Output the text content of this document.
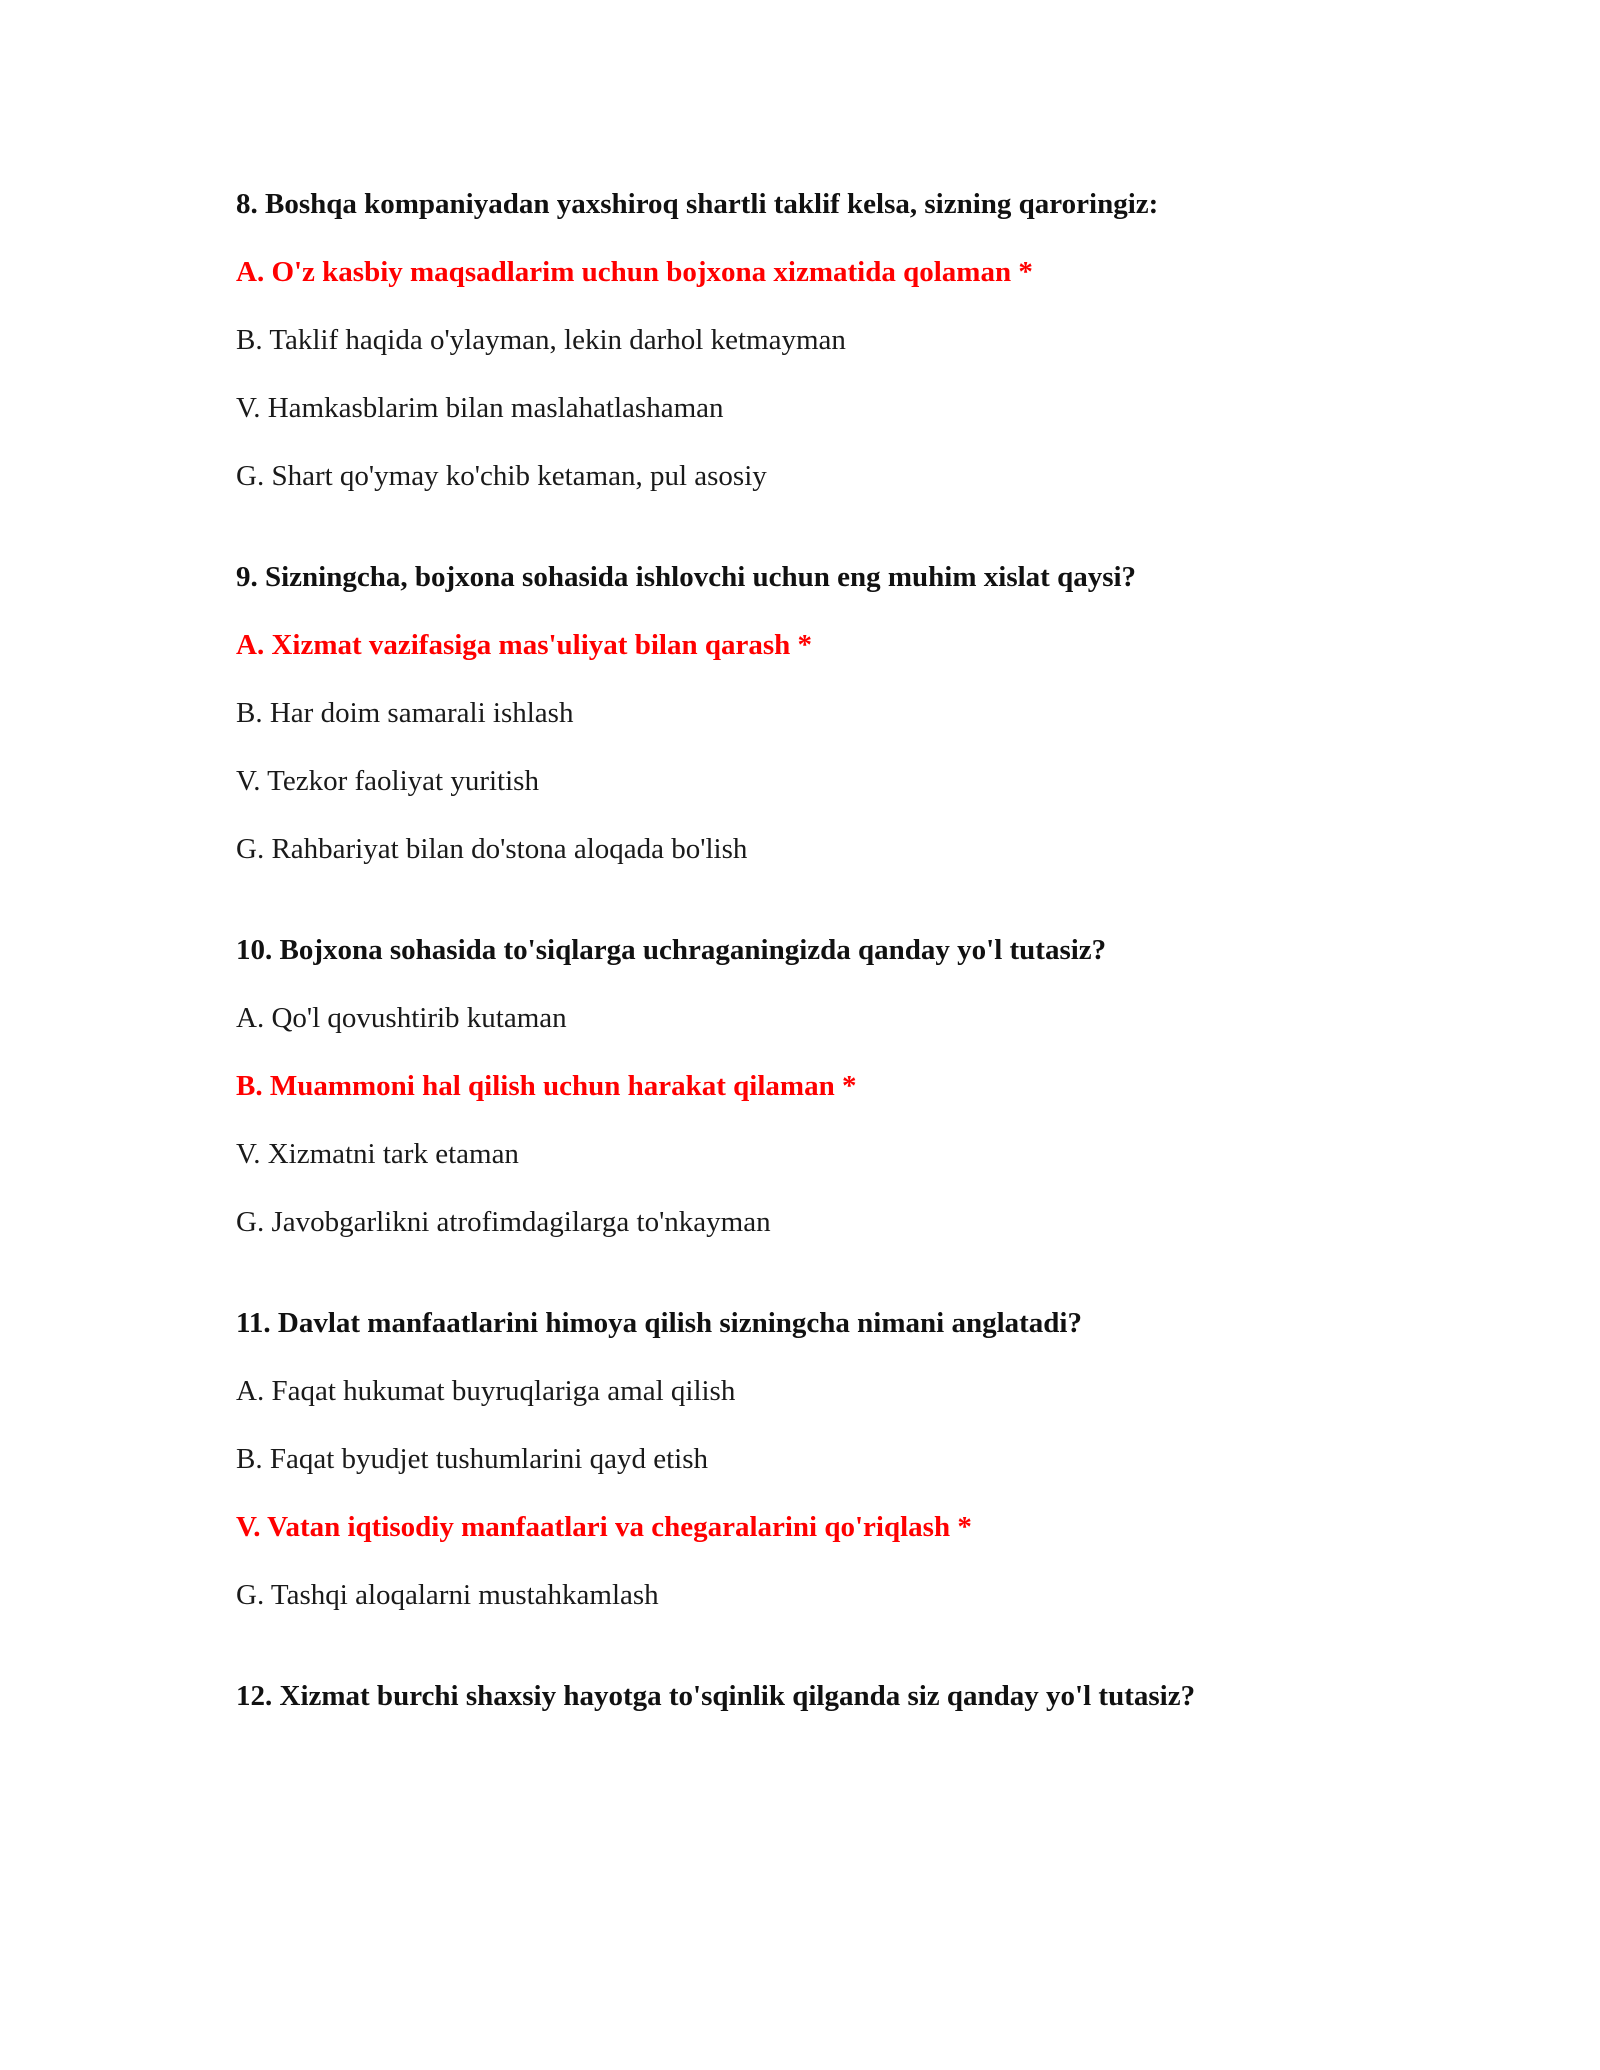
8. Boshqa kompaniyadan yaxshiroq shartli taklif kelsa, sizning qaroringiz:
A. O'z kasbiy maqsadlarim uchun bojxona xizmatida qolaman *
B. Taklif haqida o'ylayman, lekin darhol ketmayman
V. Hamkasblarim bilan maslahatlashaman
G. Shart qo'ymay ko'chib ketaman, pul asosiy
9. Sizningcha, bojxona sohasida ishlovchi uchun eng muhim xislat qaysi?
A. Xizmat vazifasiga mas'uliyat bilan qarash *
B. Har doim samarali ishlash
V. Tezkor faoliyat yuritish
G. Rahbariyat bilan do'stona aloqada bo'lish
10. Bojxona sohasida to'siqlarga uchraganingizda qanday yo'l tutasiz?
A. Qo'l qovushtirib kutaman
B. Muammoni hal qilish uchun harakat qilaman *
V. Xizmatni tark etaman
G. Javobgarlikni atrofimdagilarga to'nkayman
11. Davlat manfaatlarini himoya qilish sizningcha nimani anglatadi?
A. Faqat hukumat buyruqlariga amal qilish
B. Faqat byudjet tushumlarini qayd etish
V. Vatan iqtisodiy manfaatlari va chegaralarini qo'riqlash *
G. Tashqi aloqalarni mustahkamlash
12. Xizmat burchi shaxsiy hayotga to'sqinlik qilganda siz qanday yo'l tutasiz?
